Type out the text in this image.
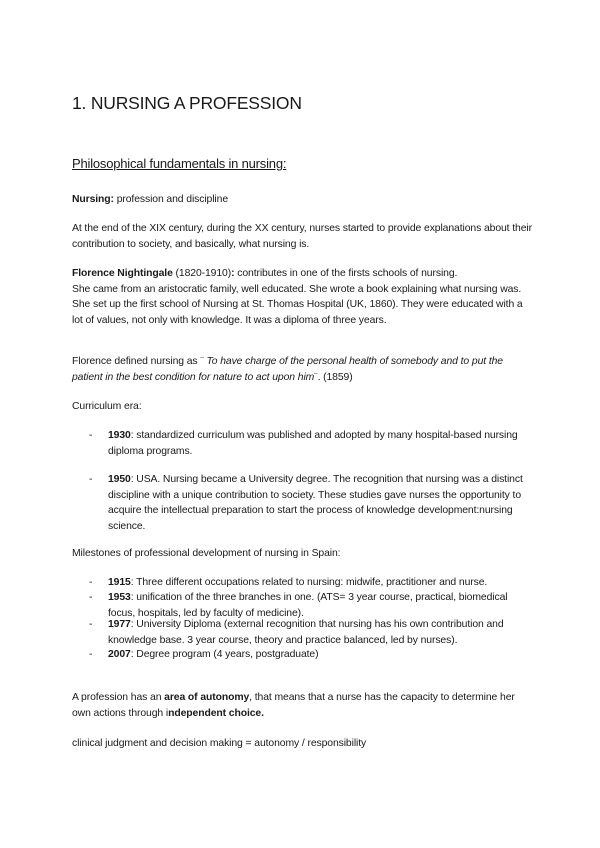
1. NURSING A PROFESSION
Philosophical fundamentals in nursing:
Nursing: profession and discipline
At the end of the XIX century, during the XX century, nurses started to provide explanations about their contribution to society, and basically, what nursing is.
Florence Nightingale (1820-1910): contributes in one of the firsts schools of nursing.
She came from an aristocratic family, well educated. She wrote a book explaining what nursing was.
She set up the first school of Nursing at St. Thomas Hospital (UK, 1860). They were educated with a lot of values, not only with knowledge. It was a diploma of three years.
Florence defined nursing as ¨ To have charge of the personal health of somebody and to put the patient in the best condition for nature to act upon him¨. (1859)
Curriculum era:
- 1930: standardized curriculum was published and adopted by many hospital-based nursing diploma programs.
- 1950: USA. Nursing became a University degree. The recognition that nursing was a distinct discipline with a unique contribution to society. These studies gave nurses the opportunity to acquire the intellectual preparation to start the process of knowledge development:nursing science.
Milestones of professional development of nursing in Spain:
- 1915: Three different occupations related to nursing: midwife, practitioner and nurse.
- 1953: unification of the three branches in one. (ATS= 3 year course, practical, biomedical focus, hospitals, led by faculty of medicine).
- 1977: University Diploma (external recognition that nursing has his own contribution and knowledge base. 3 year course, theory and practice balanced, led by nurses).
- 2007: Degree program (4 years, postgraduate)
A profession has an area of autonomy, that means that a nurse has the capacity to determine her own actions through independent choice.
clinical judgment and decision making = autonomy / responsibility
